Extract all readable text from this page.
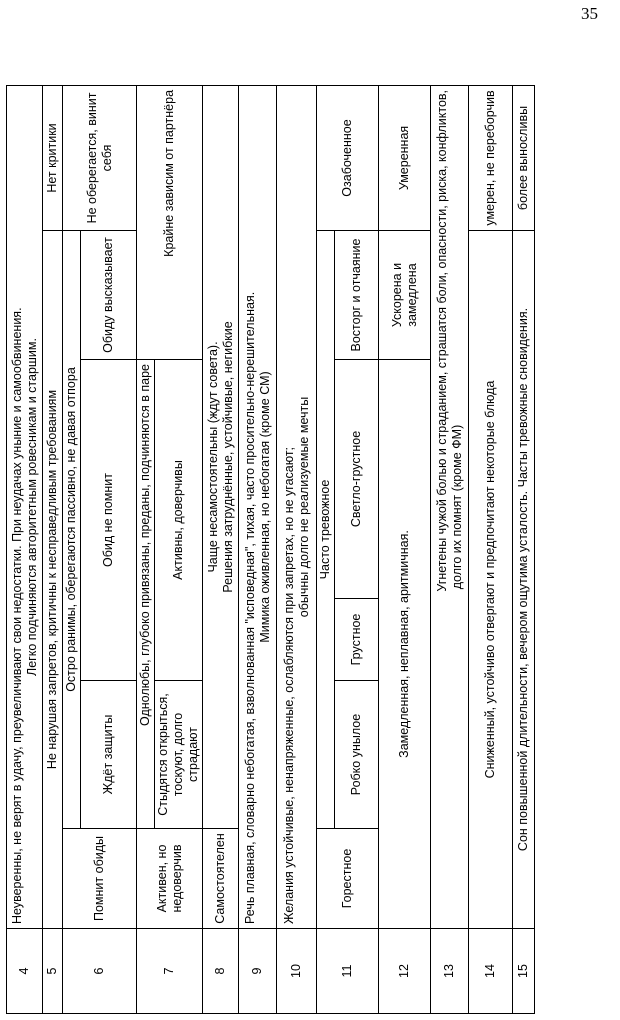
35
4	Неуверенны, не верят в удачу, преувеличивают свои недостатки. При неудачах уныние и самообвинения. Легко подчиняются авторитетным ровесникам и старшим.					

5	Не нарушая запретов, критичны к несправедливым требованиям					Нет критики
6	Помнит обиды	Остро ранимы, оберегаются пассивно, не давая отпора				Не оберегается, винит себя
		Ждёт защиты	Обид не помнит		Обиду высказывает	
7	Активен, но недоверчив	Однолюбы, глубоко привязаны, преданы, подчиняются в паре			Крайне зависим от партнёра	
		Стыдятся открыться, тоскуют, долго страдают	Активны, доверчивы			
8	Самостоятелен	Чаще несамостоятельны (ждут совета). Решения затруднённые, устойчивые, негибкие				

9	Речь плавная, словарно небогатая, взволнованная "исповедная", тихая, часто просительно-нерешительная. Мимика оживленная, но небогатая (кроме СМ)					

10	Желания устойчивые, ненапряженные, ослабляются при запретах, но не угасают; обычны долго не реализуемые мечты					

11	Горестное	Часто тревожное				Озабоченное
		Робко унылое	Грустное	Светло-грустное	Восторг и отчаяние	
12	Замедленная, неплавная, аритмичная.				Ускорена и замедлена	Умеренная
13	Угнетены чужой болью и страданием, страшатся боли, опасности, риска, конфликтов, долго их помнят (кроме ФМ)					

14	Сниженный, устойчиво отвергают и предпочитают некоторые блюда					умерен, не переборчив
15	Сон повышенной длительности, вечером ощутима усталость. Часты тревожные сновидения.					более выносливы
